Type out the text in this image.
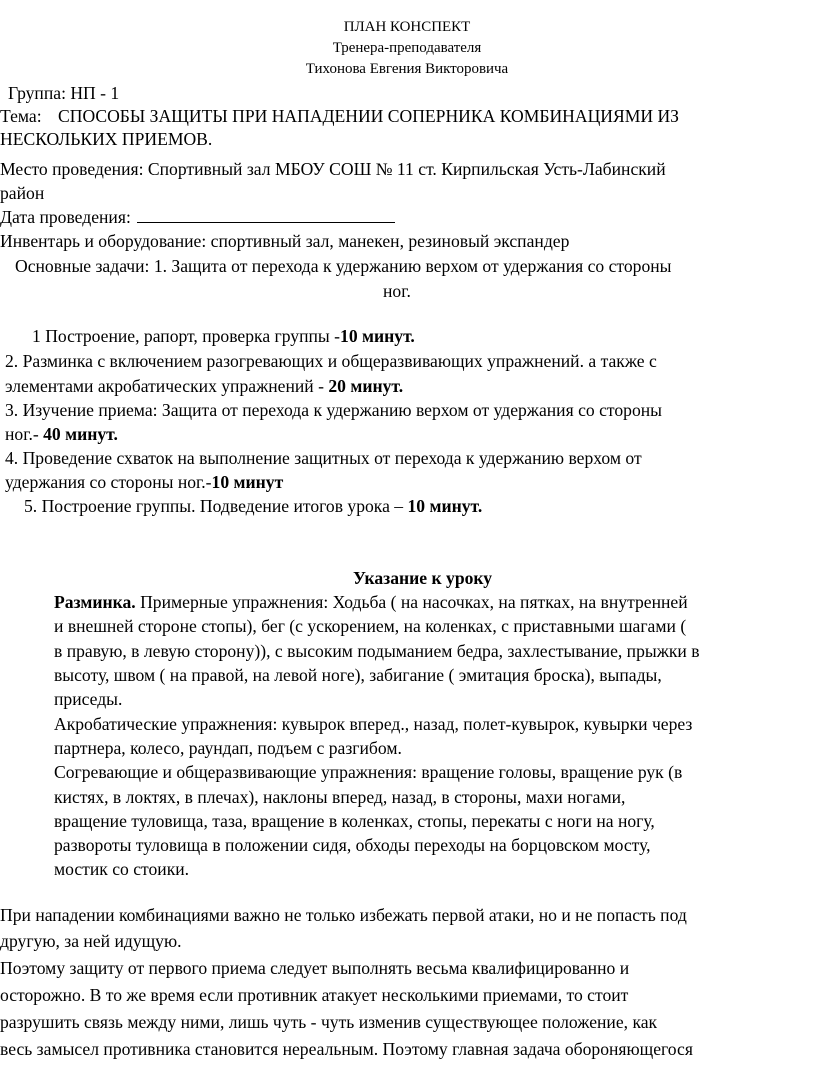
ПЛАН КОНСПЕКТ
Тренера-преподавателя
Тихонова Евгения Викторовича
Группа: НП - 1
Тема: СПОСОБЫ ЗАЩИТЫ ПРИ НАПАДЕНИИ СОПЕРНИКА КОМБИНАЦИЯМИ ИЗ
НЕСКОЛЬКИХ ПРИЕМОВ.
Место проведения: Спортивный зал МБОУ СОШ № 11 ст. Кирпильская Усть-Лабинский
район
Дата проведения:
Инвентарь и оборудование: спортивный зал, манекен, резиновый экспандер
Основные задачи: 1. Защита от перехода к удержанию верхом от удержания со стороны
ног.
1 Построение, рапорт, проверка группы -10 минут.
2. Разминка с включением разогревающих и общеразвивающих упражнений. а также с
элементами акробатических упражнений - 20 минут.
3. Изучение приема: Защита от перехода к удержанию верхом от удержания со стороны
ног.- 40 минут.
4. Проведение схваток на выполнение защитных от перехода к удержанию верхом от
удержания со стороны ног.-10 минут
5. Построение группы. Подведение итогов урока – 10 минут.
Указание к уроку
Разминка. Примерные упражнения: Ходьба ( на насочках, на пятках, на внутренней
и внешней стороне стопы), бег (с ускорением, на коленках, с приставными шагами (
в правую, в левую сторону)), с высоким подыманием бедра, захлестывание, прыжки в
высоту, швом ( на правой, на левой ноге), забигание ( эмитация броска), выпады,
приседы.
Акробатические упражнения: кувырок вперед., назад, полет-кувырок, кувырки через
партнера, колесо, раундап, подъем с разгибом.
Согревающие и общеразвивающие упражнения: вращение головы, вращение рук (в
кистях, в локтях, в плечах), наклоны вперед, назад, в стороны, махи ногами,
вращение туловища, таза, вращение в коленках, стопы, перекаты с ноги на ногу,
развороты туловища в положении сидя, обходы переходы на борцовском мосту,
мостик со стоики.
При нападении комбинациями важно не только избежать первой атаки, но и не попасть под
другую, за ней идущую.
Поэтому защиту от первого приема следует выполнять весьма квалифицированно и
осторожно. В то же время если противник атакует несколькими приемами, то стоит
разрушить связь между ними, лишь чуть - чуть изменив существующее положение, как
весь замысел противника становится нереальным. Поэтому главная задача обороняющегося
